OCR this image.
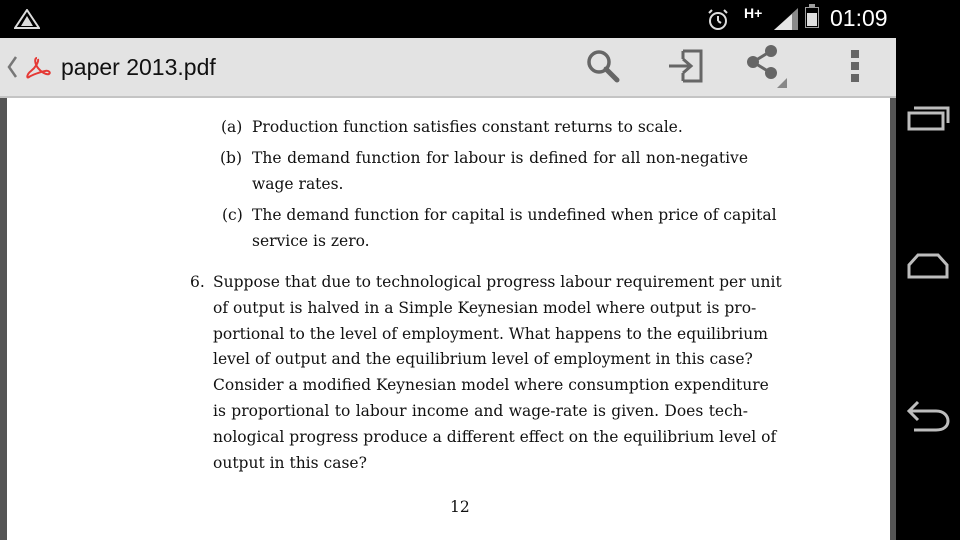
H+	01:09
paper 2013.pdf
(a) Production function satisfies constant returns to scale.
(b) The demand function for labour is defined for all non-negative
wage rates.
(c) The demand function for capital is undefined when price of capital
service is zero.
6. Suppose that due to technological progress labour requirement per unit
of output is halved in a Simple Keynesian model where output is pro-
portional to the level of employment. What happens to the equilibrium
level of output and the equilibrium level of employment in this case?
Consider a modified Keynesian model where consumption expenditure
is proportional to labour income and wage-rate is given. Does tech-
nological progress produce a different effect on the equilibrium level of
output in this case?
12
